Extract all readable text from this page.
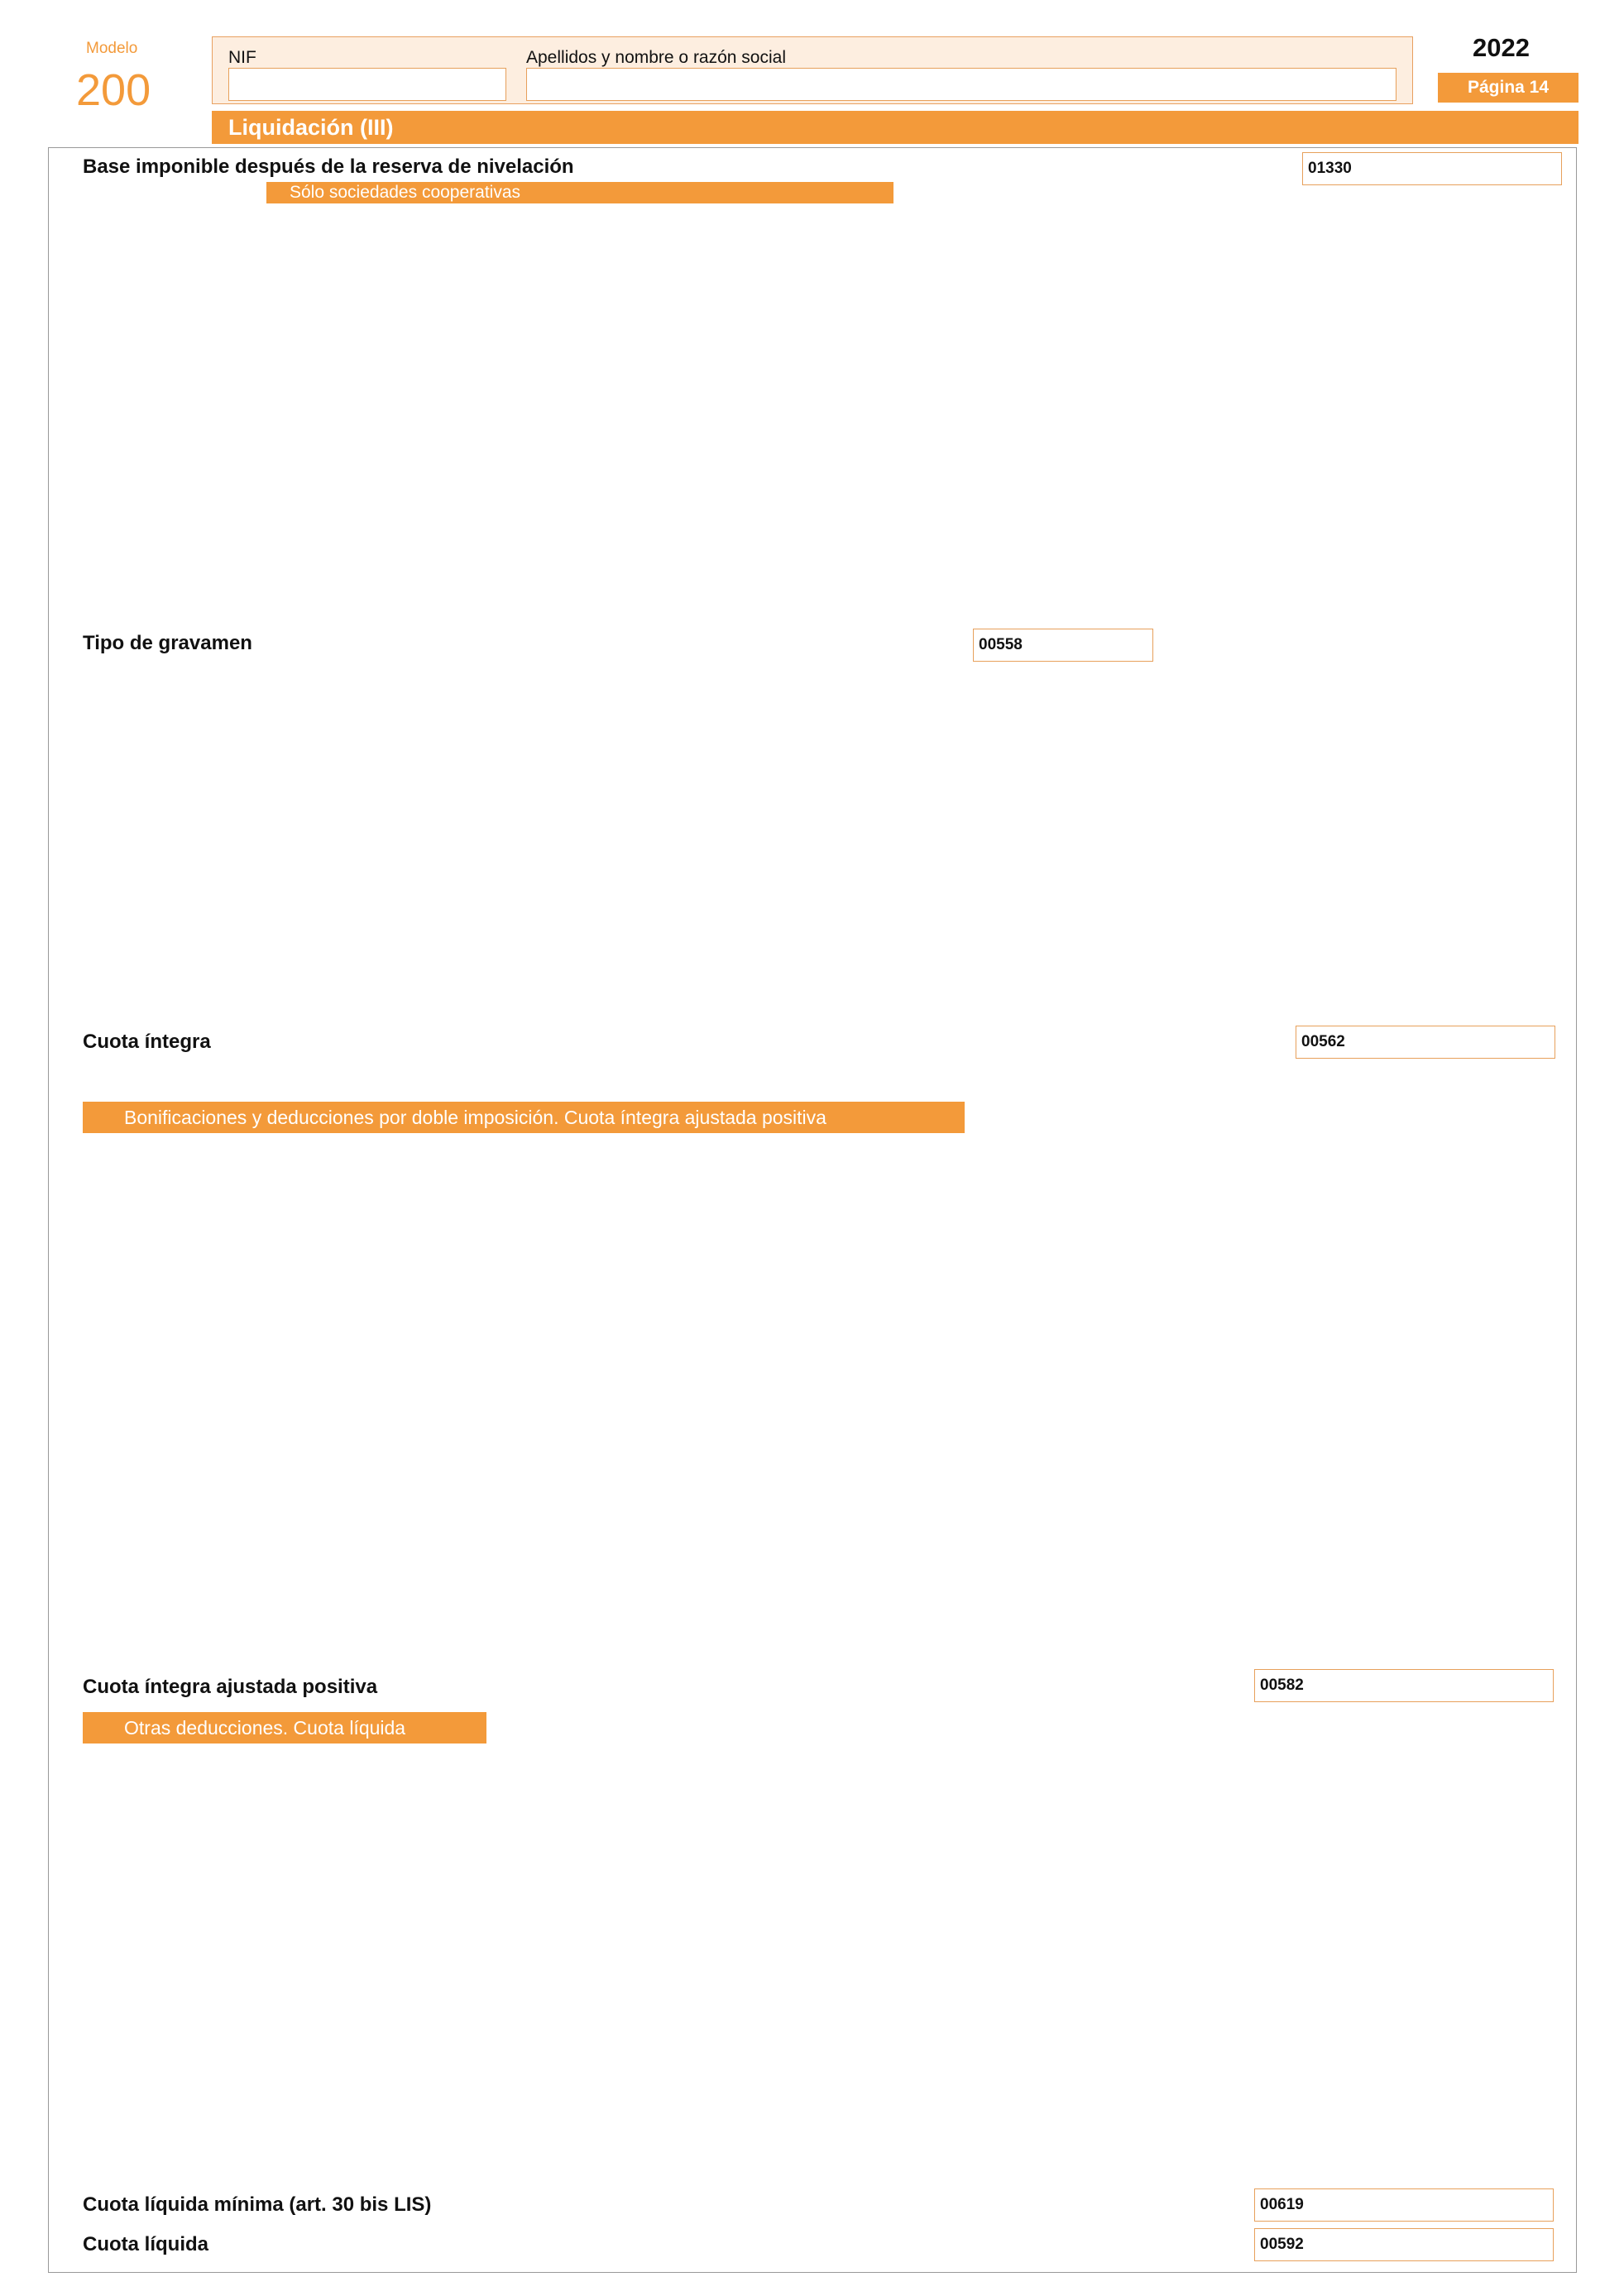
Modelo
200
NIF	Apellidos y nombre o razón social	2022
Página 14
Liquidación (III)
Base imponible después de la reserva de nivelación	01330
Sólo sociedades cooperativas
Tipo de gravamen	00558
Cuota íntegra	00562
Bonificaciones y deducciones por doble imposición. Cuota íntegra ajustada positiva
Cuota íntegra ajustada positiva	00582
Otras deducciones. Cuota líquida
Cuota líquida mínima (art. 30 bis LIS)	00619
Cuota líquida	00592
